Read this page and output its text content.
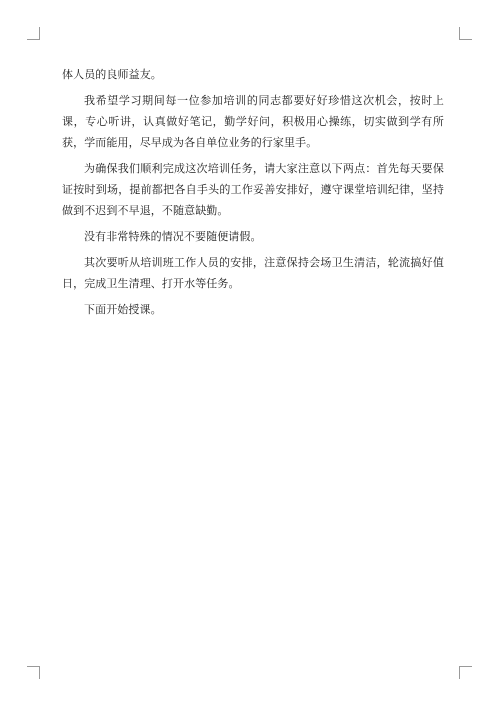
体人员的良师益友。

我希望学习期间每一位参加培训的同志都要好好珍惜这次机会，按时上课，专心听讲，认真做好笔记，勤学好问，积极用心操练，切实做到学有所获，学而能用，尽早成为各自单位业务的行家里手。

为确保我们顺利完成这次培训任务，请大家注意以下两点：首先每天要保证按时到场，提前都把各自手头的工作妥善安排好，遵守课堂培训纪律，坚持做到不迟到不早退，不随意缺勤。

没有非常特殊的情况不要随便请假。

其次要听从培训班工作人员的安排，注意保持会场卫生清洁，轮流搞好值日，完成卫生清理、打开水等任务。

下面开始授课。
